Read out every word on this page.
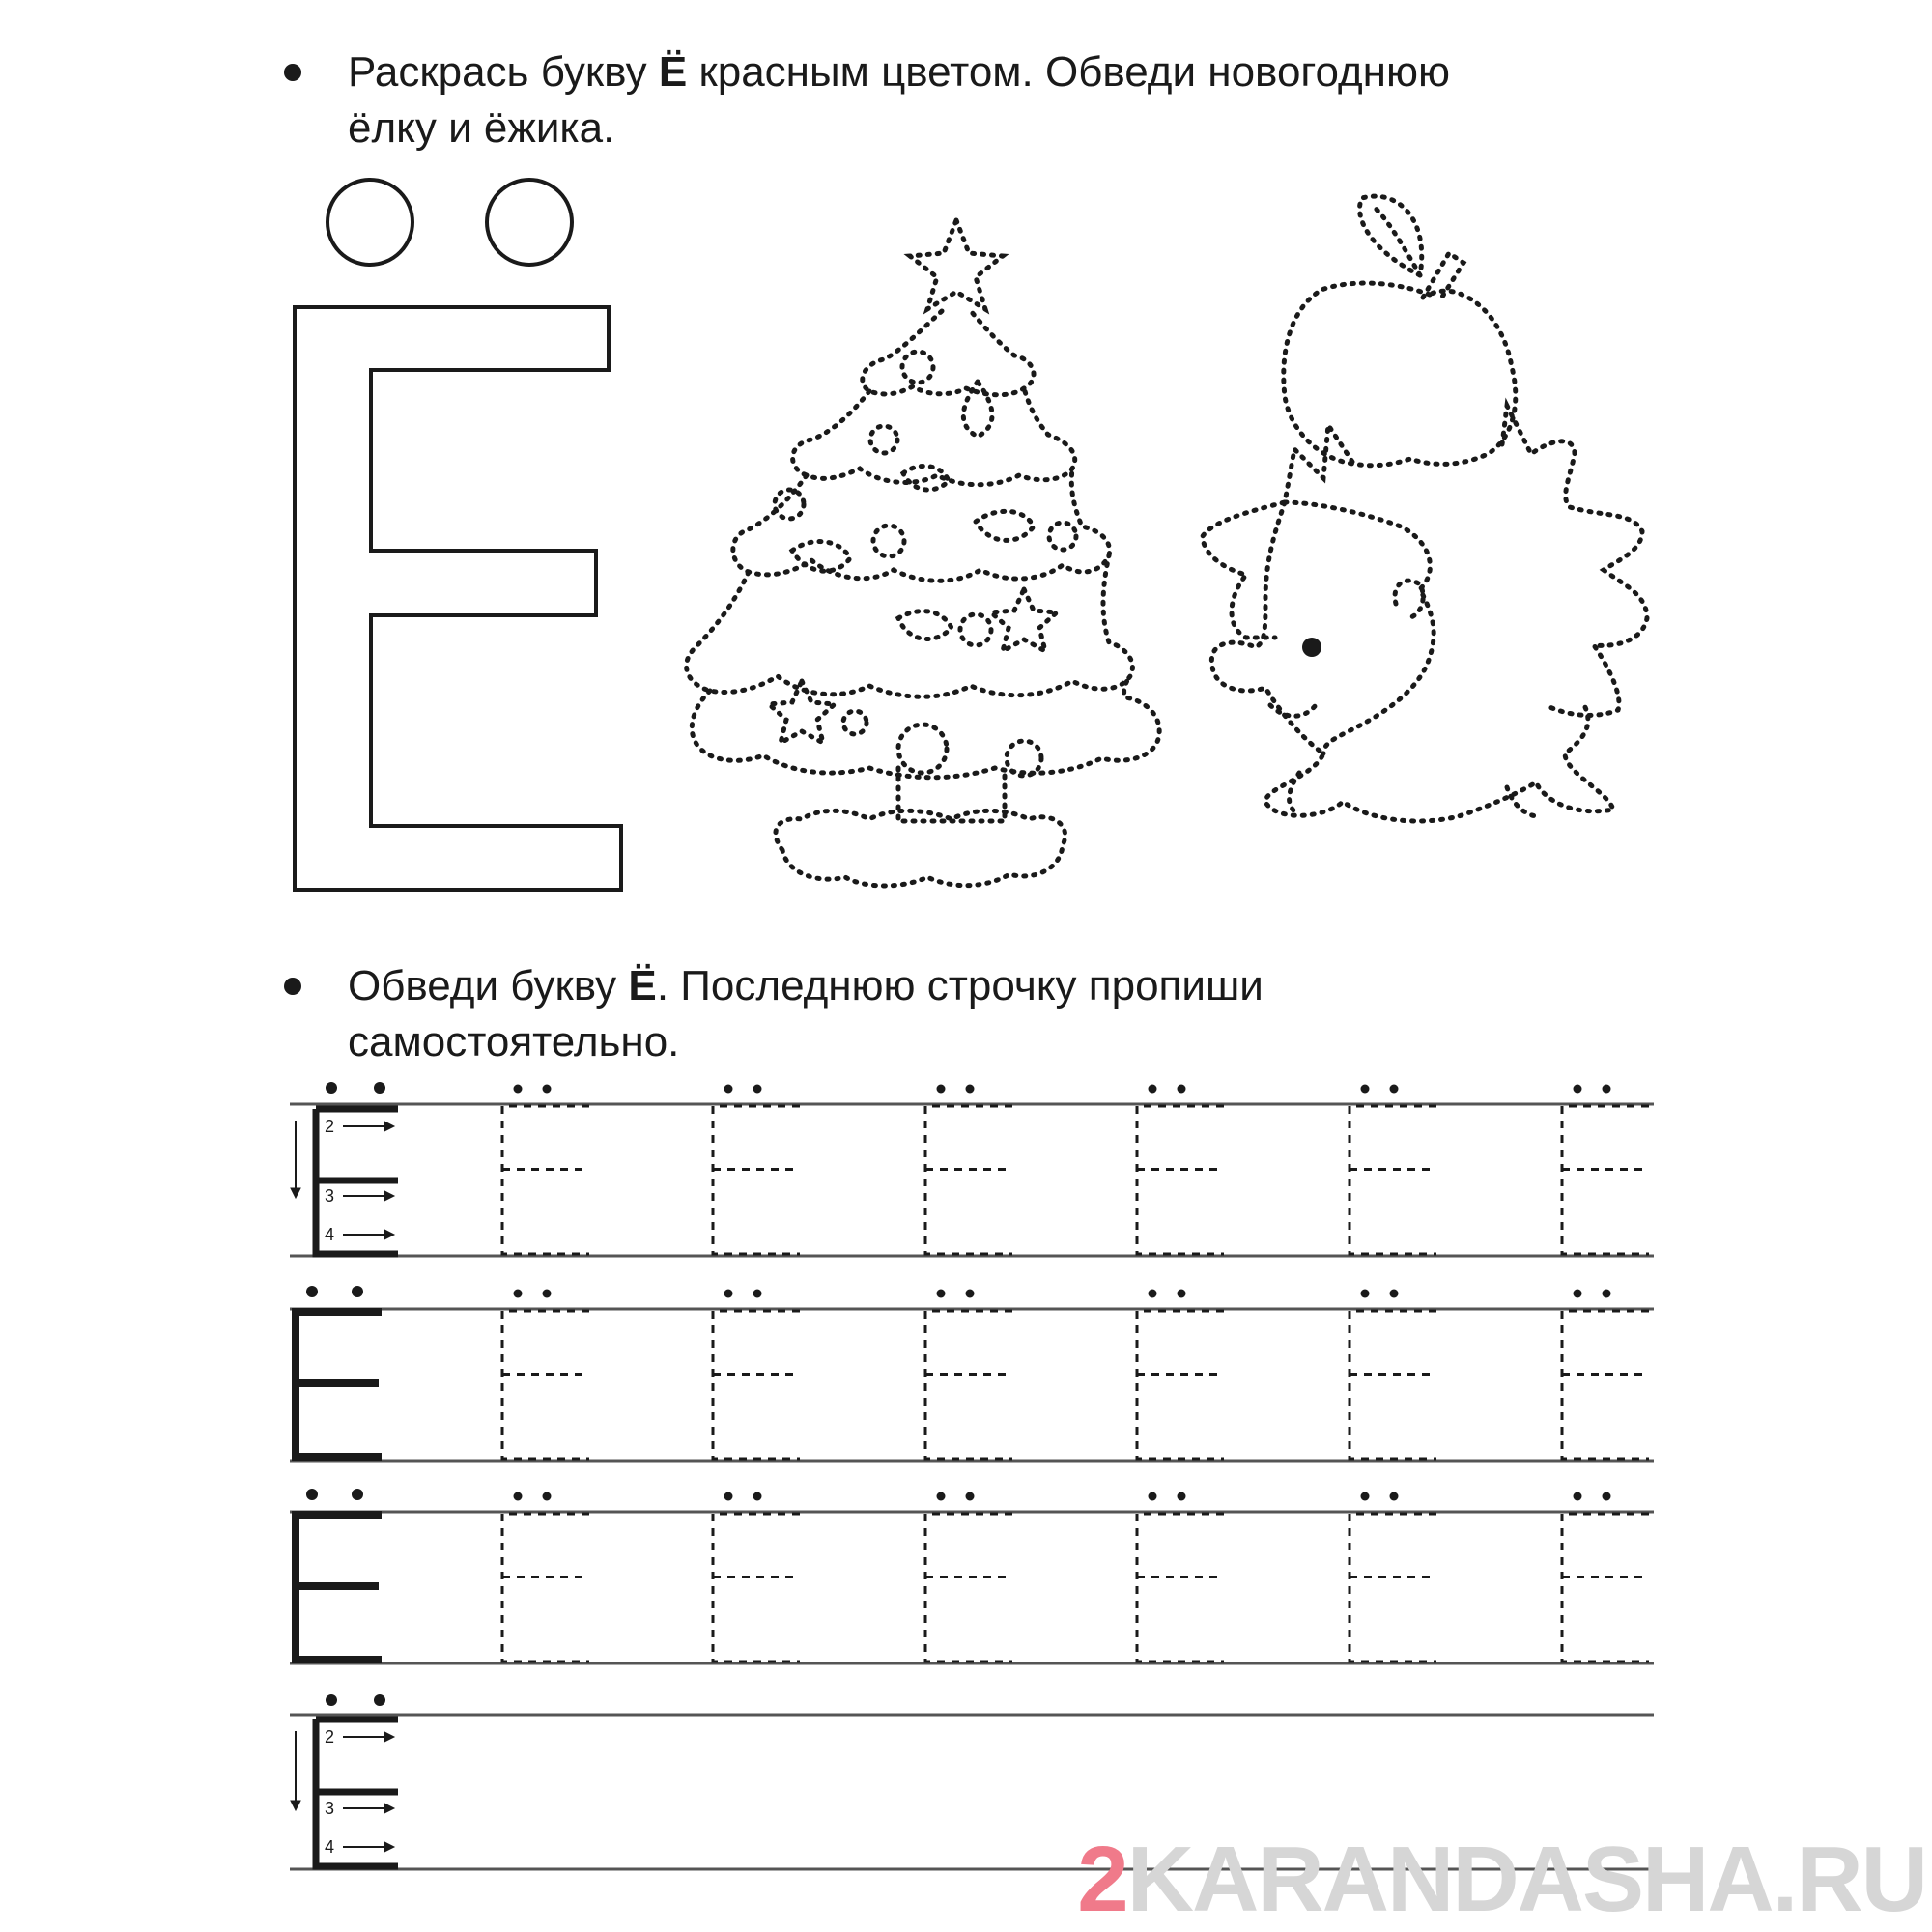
Раскрась букву Ё красным цветом. Обведи новогоднюю ёлку и ёжика.
Обведи букву Ё. Последнюю строчку пропиши самостоятельно.
2
3
4
2
3
4	2KARANDASHA.RU
